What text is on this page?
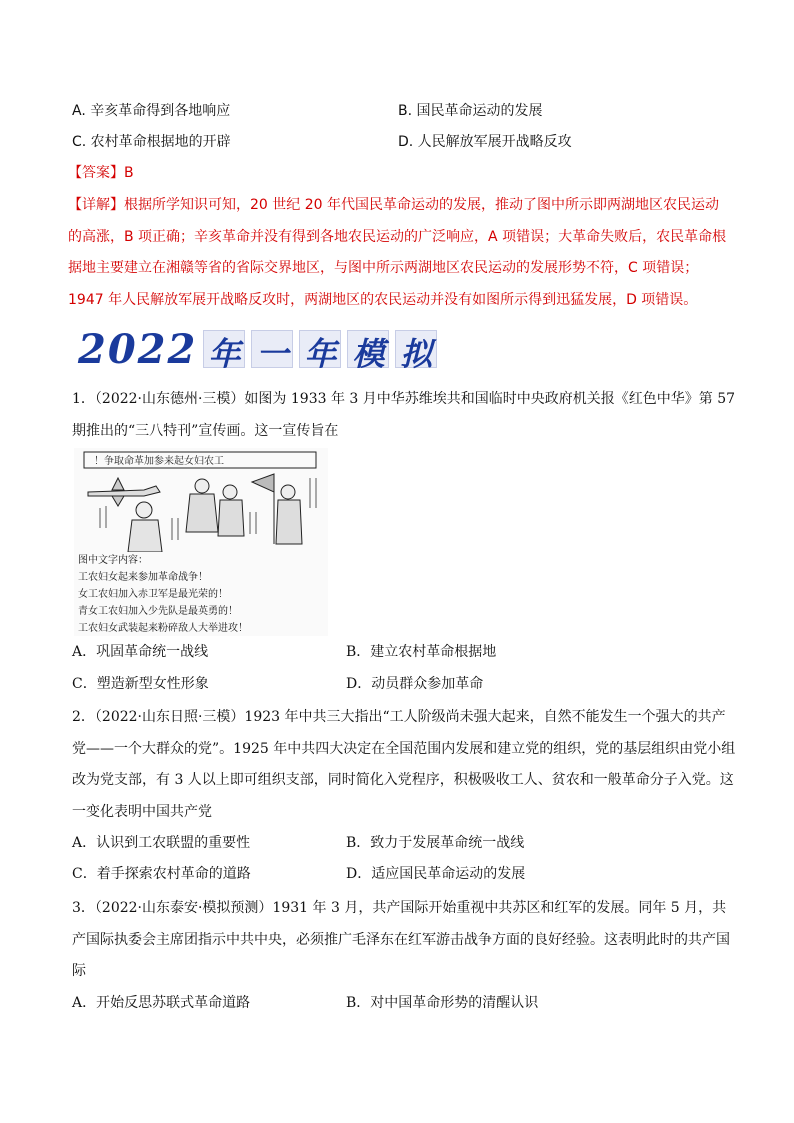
A. 辛亥革命得到各地响应	B. 国民革命运动的发展
C. 农村革命根据地的开辟	D. 人民解放军展开战略反攻
【答案】B
【详解】根据所学知识可知，20 世纪 20 年代国民革命运动的发展，推动了图中所示即两湖地区农民运动的高涨，B 项正确；辛亥革命并没有得到各地农民运动的广泛响应，A 项错误；大革命失败后，农民革命根据地主要建立在湘赣等省的省际交界地区，与图中所示两湖地区农民运动的发展形势不符，C 项错误；1947 年人民解放军展开战略反攻时，两湖地区的农民运动并没有如图所示得到迅猛发展，D 项错误。
2022 年 一 年 模 拟
1．（2022·山东德州·三模）如图为 1933 年 3 月中华苏维埃共和国临时中央政府机关报《红色中华》第 57 期推出的“三八特刊”宣传画。这一宣传旨在
！争取命革加参来起女妇农工
图中文字内容：
工农妇女起来参加革命战争！
女工农妇加入赤卫军是最光荣的！
青女工农妇加入少先队是最英勇的！
工农妇女武装起来粉碎敌人大举进攻！
A．巩固革命统一战线	B．建立农村革命根据地
C．塑造新型女性形象	D．动员群众参加革命
2．（2022·山东日照·三模）1923 年中共三大指出“工人阶级尚未强大起来，自然不能发生一个强大的共产党——一个大群众的党”。1925 年中共四大决定在全国范围内发展和建立党的组织，党的基层组织由党小组改为党支部，有 3 人以上即可组织支部，同时简化入党程序，积极吸收工人、贫农和一般革命分子入党。这一变化表明中国共产党
A．认识到工农联盟的重要性	B．致力于发展革命统一战线
C．着手探索农村革命的道路	D．适应国民革命运动的发展
3．（2022·山东泰安·模拟预测）1931 年 3 月，共产国际开始重视中共苏区和红军的发展。同年 5 月，共产国际执委会主席团指示中共中央，必须推广毛泽东在红军游击战争方面的良好经验。这表明此时的共产国际
A．开始反思苏联式革命道路	B．对中国革命形势的清醒认识
